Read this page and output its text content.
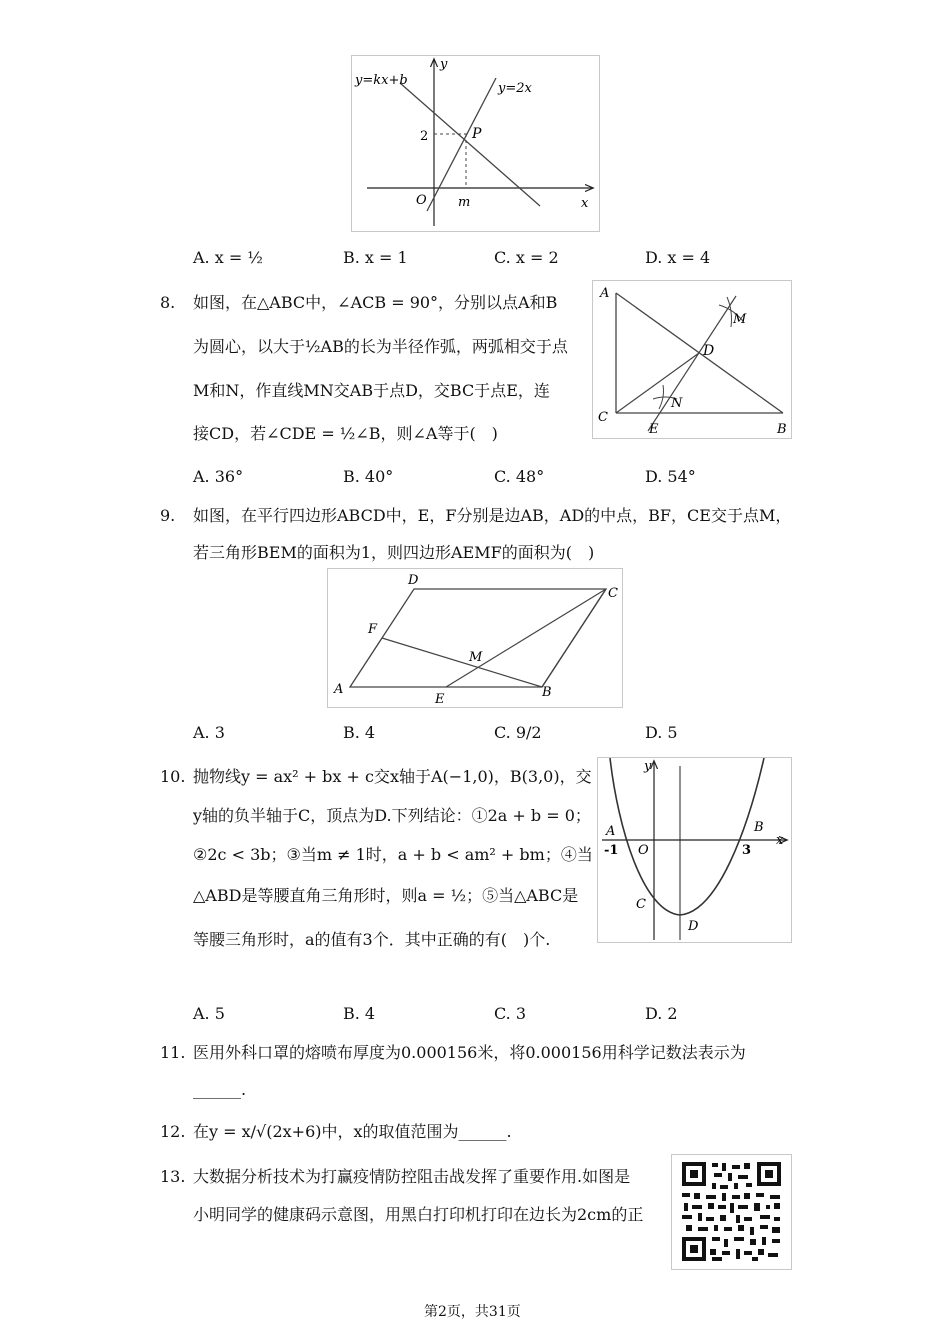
y=kx+b
y=2x
y
x
O
P
2
m
A. x = ½	B. x = 1	C. x = 2	D. x = 4
8. 如图，在△ABC中，∠ACB = 90°，分别以点A和B
为圆心，以大于½AB的长为半径作弧，两弧相交于点
M和N，作直线MN交AB于点D，交BC于点E，连
接CD，若∠CDE = ½∠B，则∠A等于(　)
A
B
C
D
E
M
N
A. 36°	B. 40°	C. 48°	D. 54°
9. 如图，在平行四边形ABCD中，E，F分别是边AB，AD的中点，BF，CE交于点M，
若三角形BEM的面积为1，则四边形AEMF的面积为(　)
A	B
C
D
E
F
M
A. 3	B. 4	C. 9/2	D. 5
10. 抛物线y = ax² + bx + c交x轴于A(−1,0)，B(3,0)，交
y轴的负半轴于C，顶点为D.下列结论：①2a + b = 0；
②2c < 3b；③当m ≠ 1时，a + b < am² + bm；④当
△ABD是等腰直角三角形时，则a = ½；⑤当△ABC是
等腰三角形时，a的值有3个．其中正确的有(　)个.
y
x
A	B
O
-1	3
C
D
A. 5	B. 4	C. 3	D. 2
11. 医用外科口罩的熔喷布厚度为0.000156米，将0.000156用科学记数法表示为
______.
12. 在y = x/√(2x+6)中，x的取值范围为______.
13. 大数据分析技术为打赢疫情防控阻击战发挥了重要作用.如图是
小明同学的健康码示意图，用黑白打印机打印在边长为2cm的正
第2页，共31页
